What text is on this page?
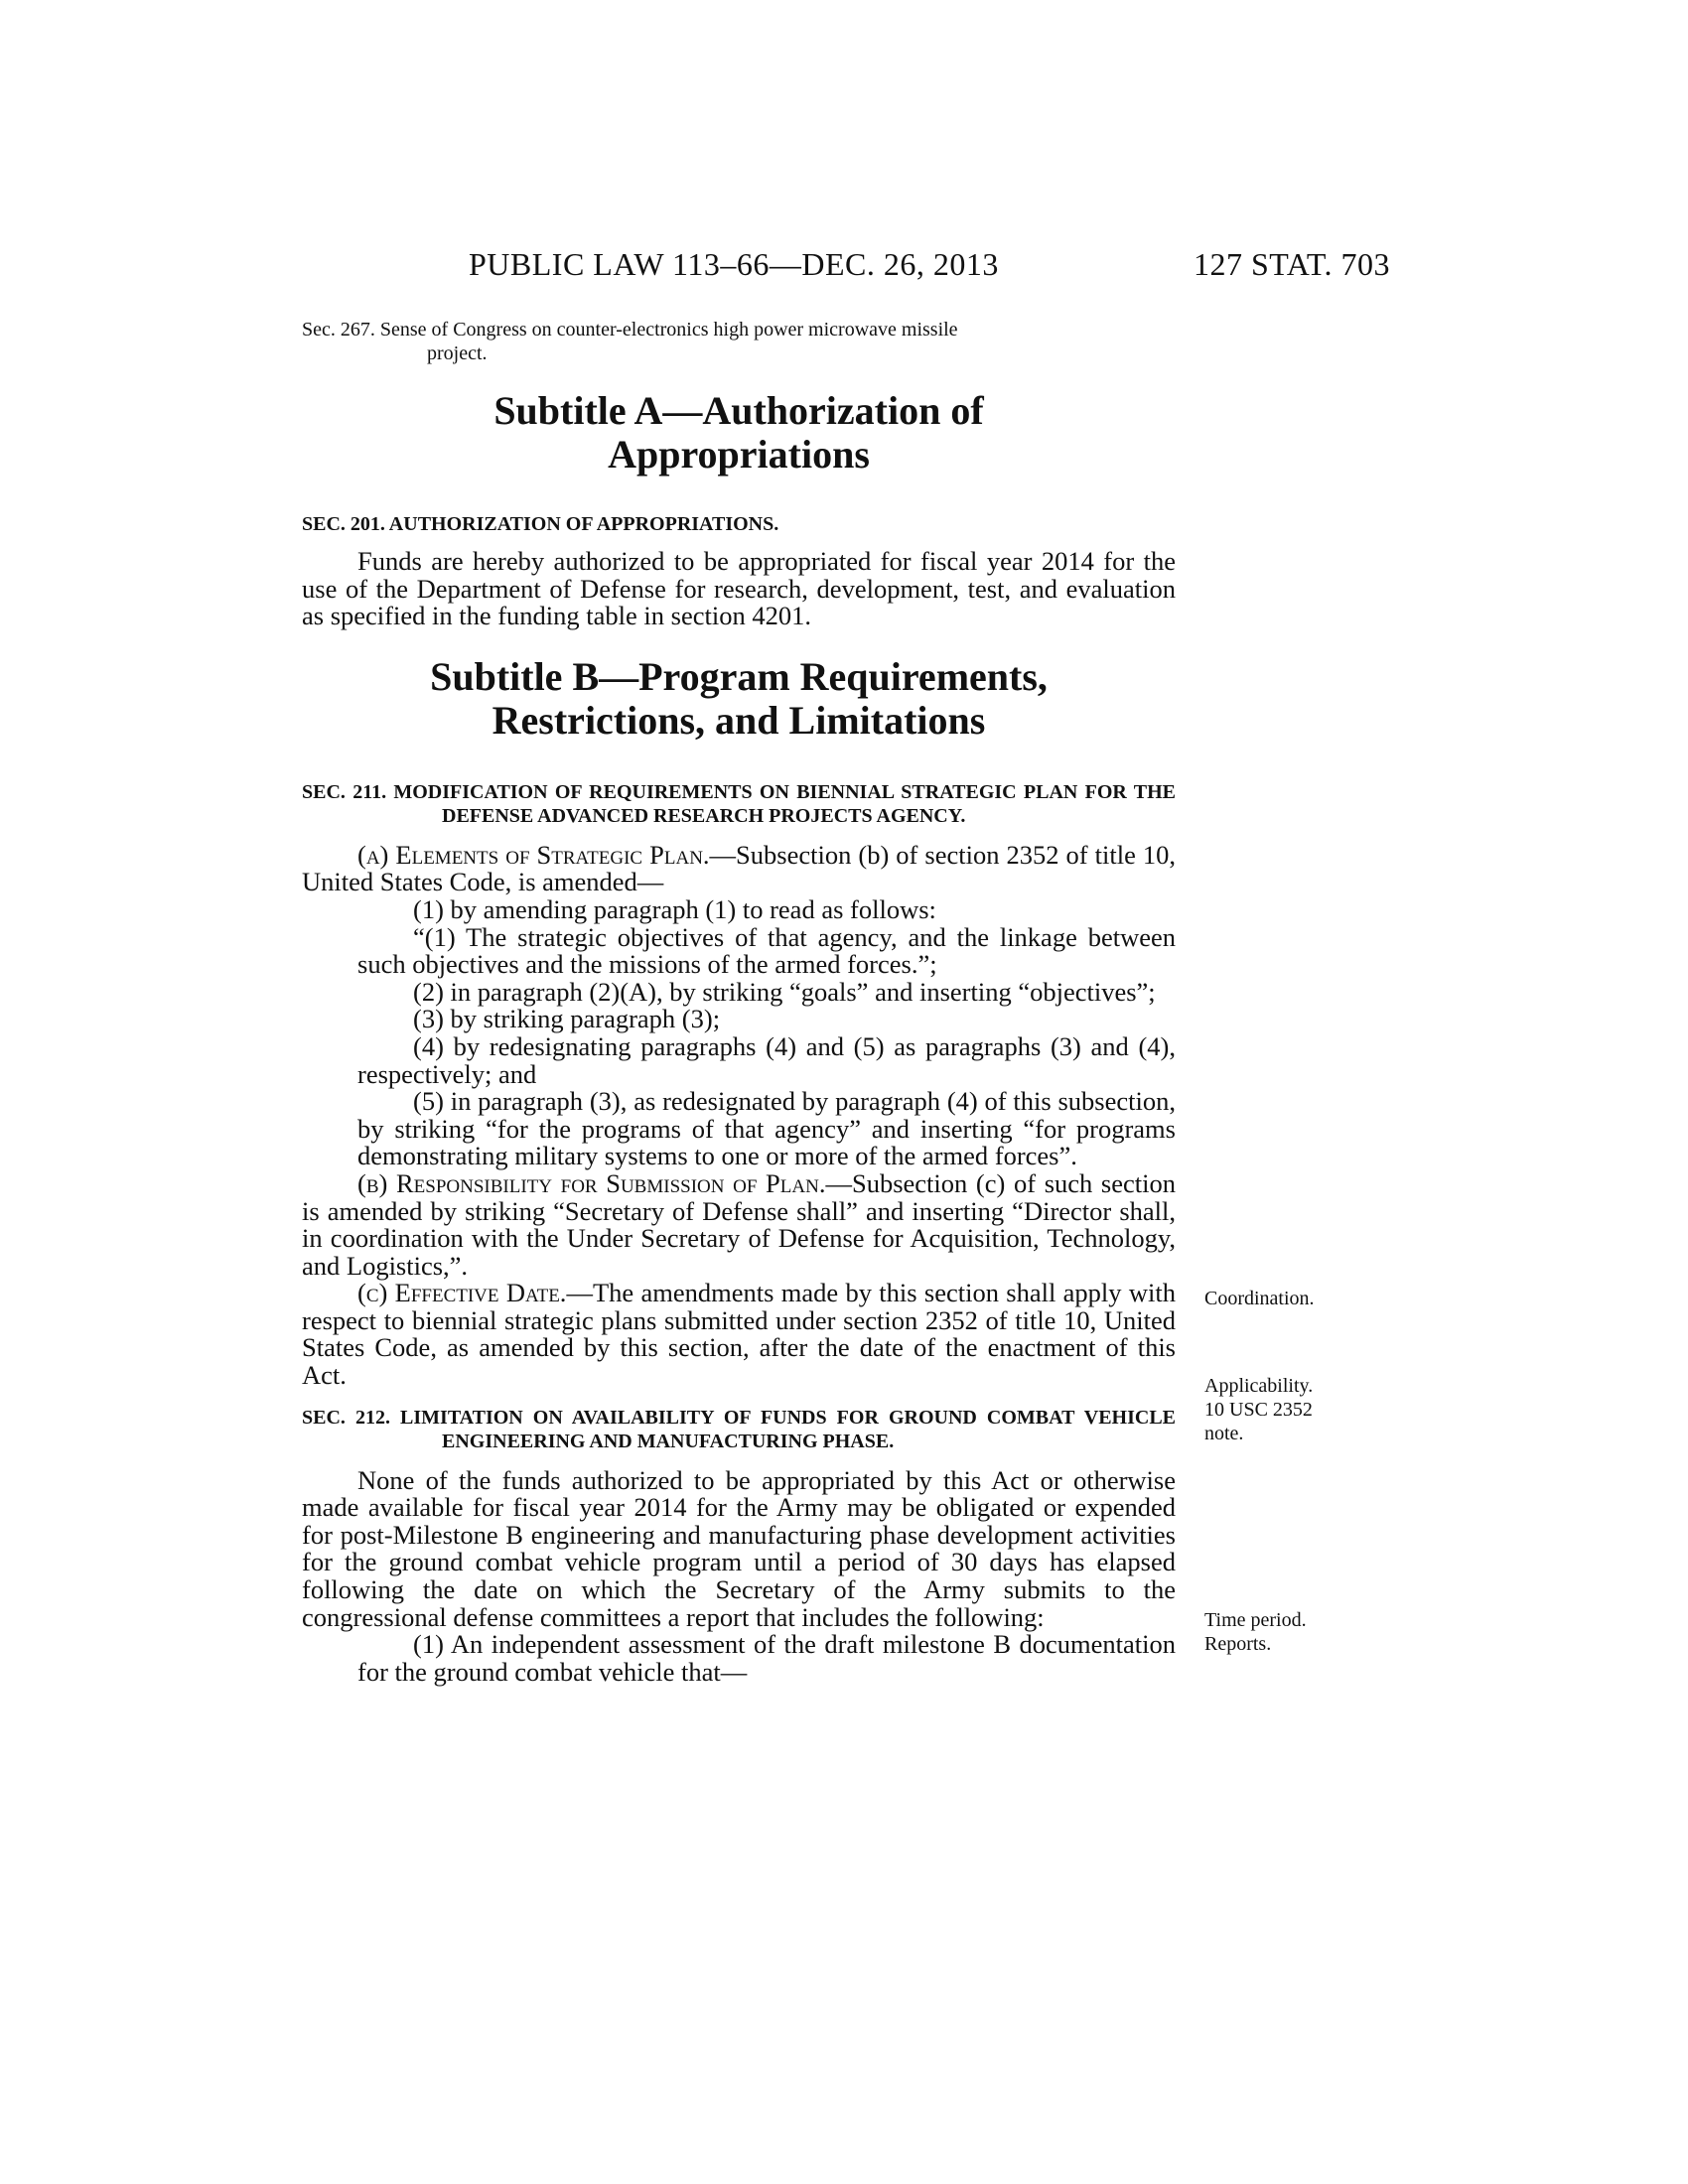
PUBLIC LAW 113–66—DEC. 26, 2013	127 STAT. 703
Sec. 267. Sense of Congress on counter-electronics high power microwave missile
project.
Subtitle A—Authorization of
Appropriations
SEC. 201. AUTHORIZATION OF APPROPRIATIONS.

Funds are hereby authorized to be appropriated for fiscal year 2014 for the use of the Department of Defense for research, development, test, and evaluation as specified in the funding table in section 4201.

Subtitle B—Program Requirements,
Restrictions, and Limitations
SEC. 211. MODIFICATION OF REQUIREMENTS ON BIENNIAL STRATEGIC PLAN FOR THE DEFENSE ADVANCED RESEARCH PROJECTS AGENCY.

(a) Elements of Strategic Plan.—Subsection (b) of section 2352 of title 10, United States Code, is amended—

(1) by amending paragraph (1) to read as follows:

“(1) The strategic objectives of that agency, and the linkage between such objectives and the missions of the armed forces.”;

(2) in paragraph (2)(A), by striking “goals” and inserting “objectives”;

(3) by striking paragraph (3);

(4) by redesignating paragraphs (4) and (5) as paragraphs (3) and (4), respectively; and

(5) in paragraph (3), as redesignated by paragraph (4) of this subsection, by striking “for the programs of that agency” and inserting “for programs demonstrating military systems to one or more of the armed forces”.

(b) Responsibility for Submission of Plan.—Subsection (c) of such section is amended by striking “Secretary of Defense shall” and inserting “Director shall, in coordination with the Under Secretary of Defense for Acquisition, Technology, and Logistics,”.

(c) Effective Date.—The amendments made by this section shall apply with respect to biennial strategic plans submitted under section 2352 of title 10, United States Code, as amended by this section, after the date of the enactment of this Act.

SEC. 212. LIMITATION ON AVAILABILITY OF FUNDS FOR GROUND COMBAT VEHICLE ENGINEERING AND MANUFACTURING PHASE.

None of the funds authorized to be appropriated by this Act or otherwise made available for fiscal year 2014 for the Army may be obligated or expended for post-Milestone B engineering and manufacturing phase development activities for the ground combat vehicle program until a period of 30 days has elapsed following the date on which the Secretary of the Army submits to the congressional defense committees a report that includes the following:

(1) An independent assessment of the draft milestone B documentation for the ground combat vehicle that—

Coordination.
Applicability.
10 USC 2352
note.
Time period.
Reports.
